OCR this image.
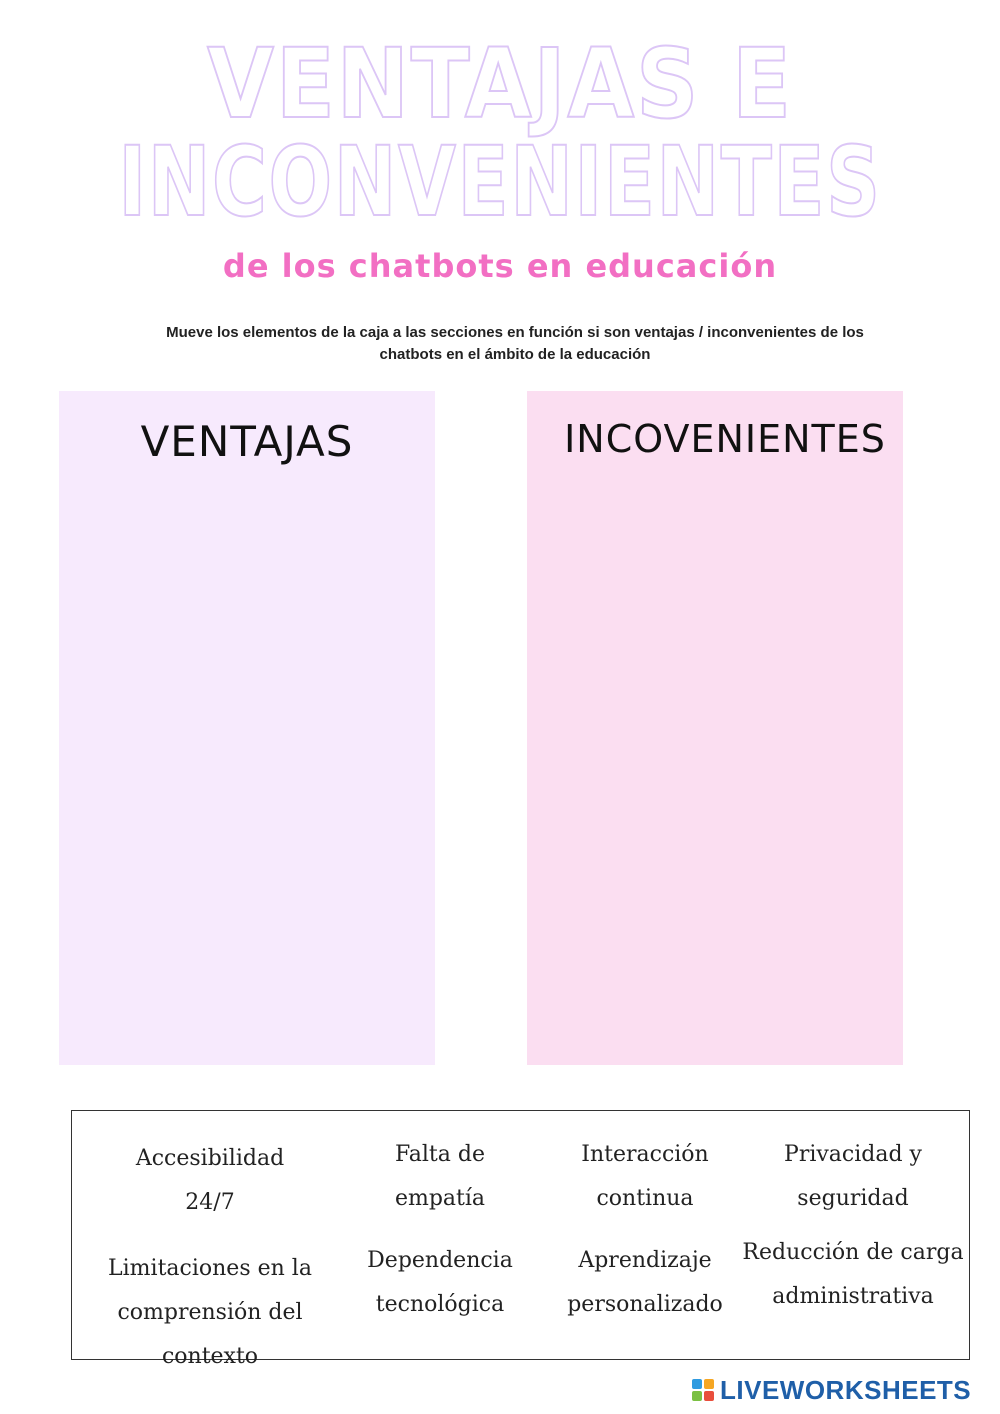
VENTAJAS E
INCONVENIENTES
de los chatbots en educación
Mueve los elementos de la caja a las secciones en función si son ventajas / inconvenientes de los
chatbots en el ámbito de la educación
VENTAJAS	INCOVENIENTES
Accesibilidad
24/7
Falta de
empatía
Interacción
continua
Privacidad y
seguridad
Limitaciones en la
comprensión del contexto
Dependencia
tecnológica
Aprendizaje
personalizado
Reducción de carga
administrativa
LIVEWORKSHEETS
